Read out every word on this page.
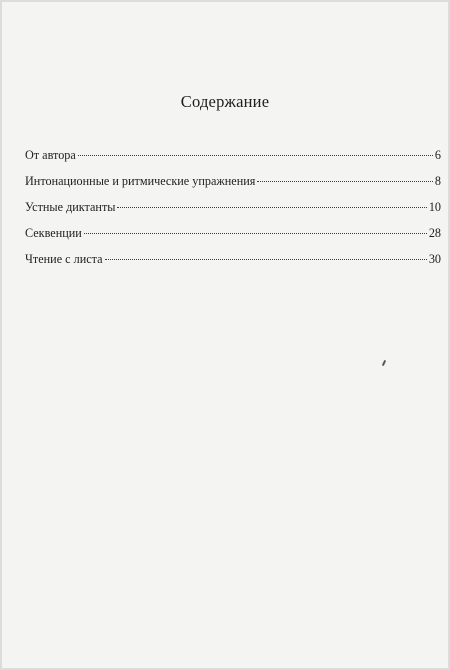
Содержание
От автора	6
Интонационные и ритмические упражнения	8
Устные диктанты	10
Секвенции	28
Чтение с листа	30
